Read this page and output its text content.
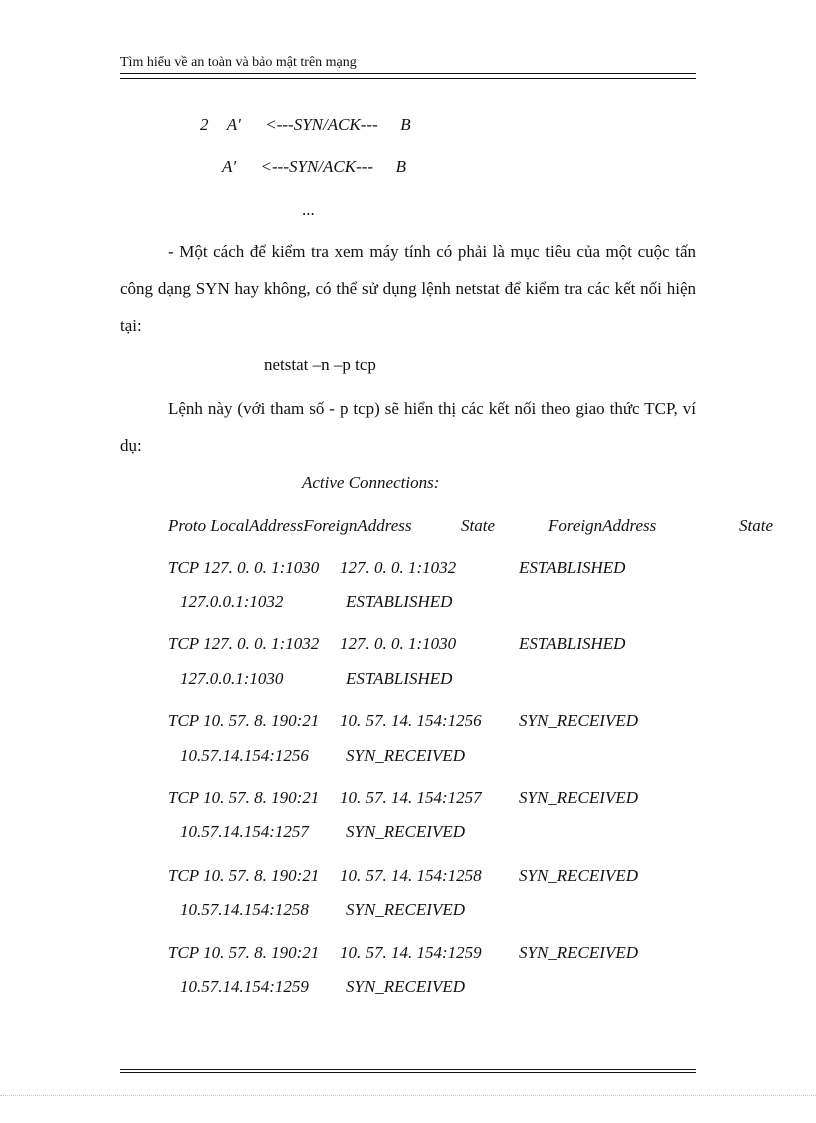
Tìm hiểu về an toàn và bảo mật trên mạng
2 A' <---SYN/ACK--- B
A' <---SYN/ACK--- B
...
- Một cách để kiểm tra xem máy tính có phải là mục tiêu của một cuộc tấn công dạng SYN hay không, có thể sử dụng lệnh netstat để kiểm tra các kết nối hiện tại:
netstat –n –p tcp
Lệnh này (với tham số - p tcp) sẽ hiển thị các kết nối theo giao thức TCP, ví dụ:
Active Connections:
Proto LocalAddressForeignAddress	State	ForeignAddress	State
TCP 127. 0. 0. 1:1030 127. 0. 0. 1:1032	ESTABLISHED
127.0.0.1:1032	ESTABLISHED
TCP 127. 0. 0. 1:1032 127. 0. 0. 1:1030	ESTABLISHED
127.0.0.1:1030	ESTABLISHED
TCP 10. 57. 8. 190:21 10. 57. 14. 154:1256 SYN_RECEIVED
10.57.14.154:1256 SYN_RECEIVED
TCP 10. 57. 8. 190:21 10. 57. 14. 154:1257 SYN_RECEIVED
10.57.14.154:1257 SYN_RECEIVED
TCP 10. 57. 8. 190:21 10. 57. 14. 154:1258 SYN_RECEIVED
10.57.14.154:1258 SYN_RECEIVED
TCP 10. 57. 8. 190:21 10. 57. 14. 154:1259 SYN_RECEIVED
10.57.14.154:1259 SYN_RECEIVED
